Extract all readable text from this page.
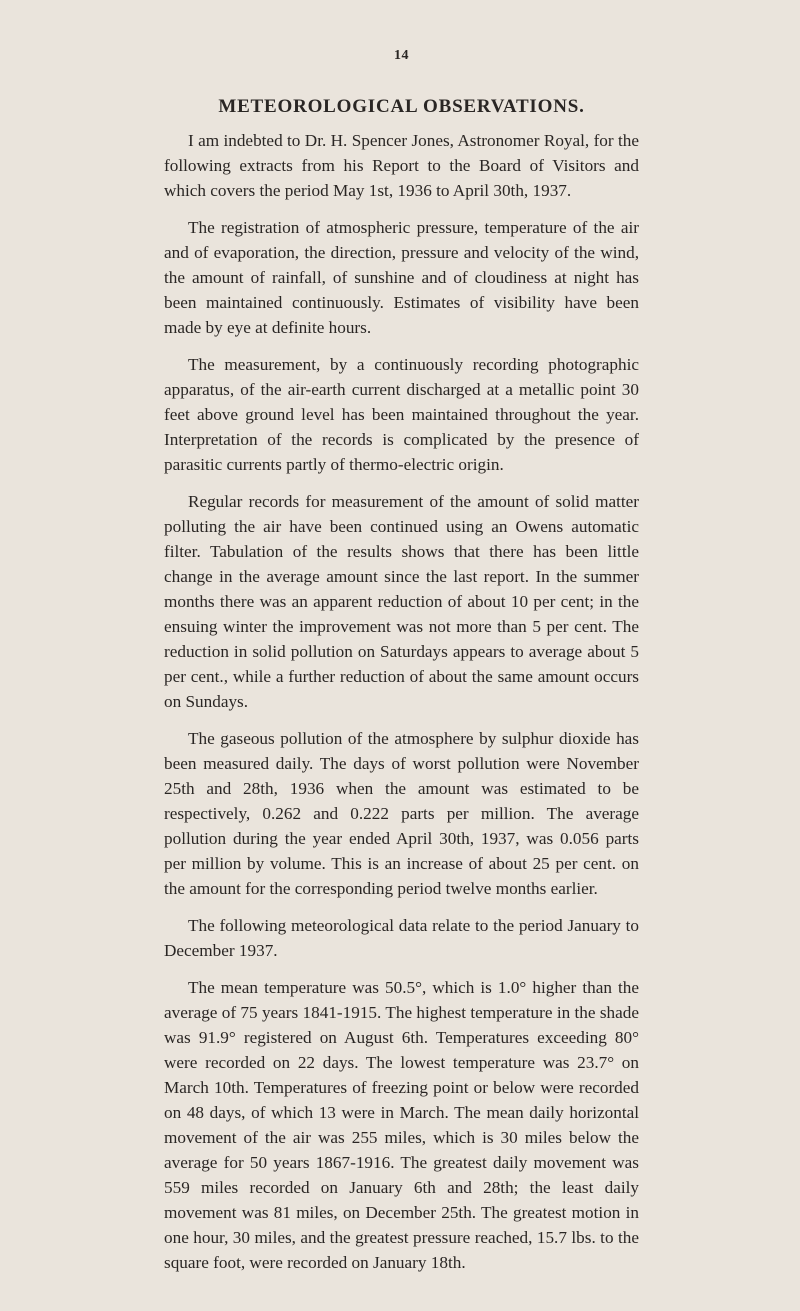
14
METEOROLOGICAL OBSERVATIONS.

I am indebted to Dr. H. Spencer Jones, Astronomer Royal, for the following extracts from his Report to the Board of Visitors and which covers the period May 1st, 1936 to April 30th, 1937.

The registration of atmospheric pressure, temperature of the air and of evaporation, the direction, pressure and velocity of the wind, the amount of rainfall, of sunshine and of cloudiness at night has been maintained continuously. Estimates of visibility have been made by eye at definite hours.

The measurement, by a continuously recording photographic apparatus, of the air-earth current discharged at a metallic point 30 feet above ground level has been maintained throughout the year. Interpretation of the records is complicated by the presence of parasitic currents partly of thermo-electric origin.

Regular records for measurement of the amount of solid matter polluting the air have been continued using an Owens automatic filter. Tabulation of the results shows that there has been little change in the average amount since the last report. In the summer months there was an apparent reduction of about 10 per cent; in the ensuing winter the improvement was not more than 5 per cent. The reduction in solid pollution on Saturdays appears to average about 5 per cent., while a further reduction of about the same amount occurs on Sundays.

The gaseous pollution of the atmosphere by sulphur dioxide has been measured daily. The days of worst pollution were November 25th and 28th, 1936 when the amount was estimated to be respectively, 0.262 and 0.222 parts per million. The average pollution during the year ended April 30th, 1937, was 0.056 parts per million by volume. This is an increase of about 25 per cent. on the amount for the corresponding period twelve months earlier.

The following meteorological data relate to the period January to December 1937.

The mean temperature was 50.5°, which is 1.0° higher than the average of 75 years 1841-1915. The highest temperature in the shade was 91.9° registered on August 6th. Temperatures exceeding 80° were recorded on 22 days. The lowest temperature was 23.7° on March 10th. Temperatures of freezing point or below were recorded on 48 days, of which 13 were in March. The mean daily horizontal movement of the air was 255 miles, which is 30 miles below the average for 50 years 1867-1916. The greatest daily movement was 559 miles recorded on January 6th and 28th; the least daily movement was 81 miles, on December 25th. The greatest motion in one hour, 30 miles, and the greatest pressure reached, 15.7 lbs. to the square foot, were recorded on January 18th.
